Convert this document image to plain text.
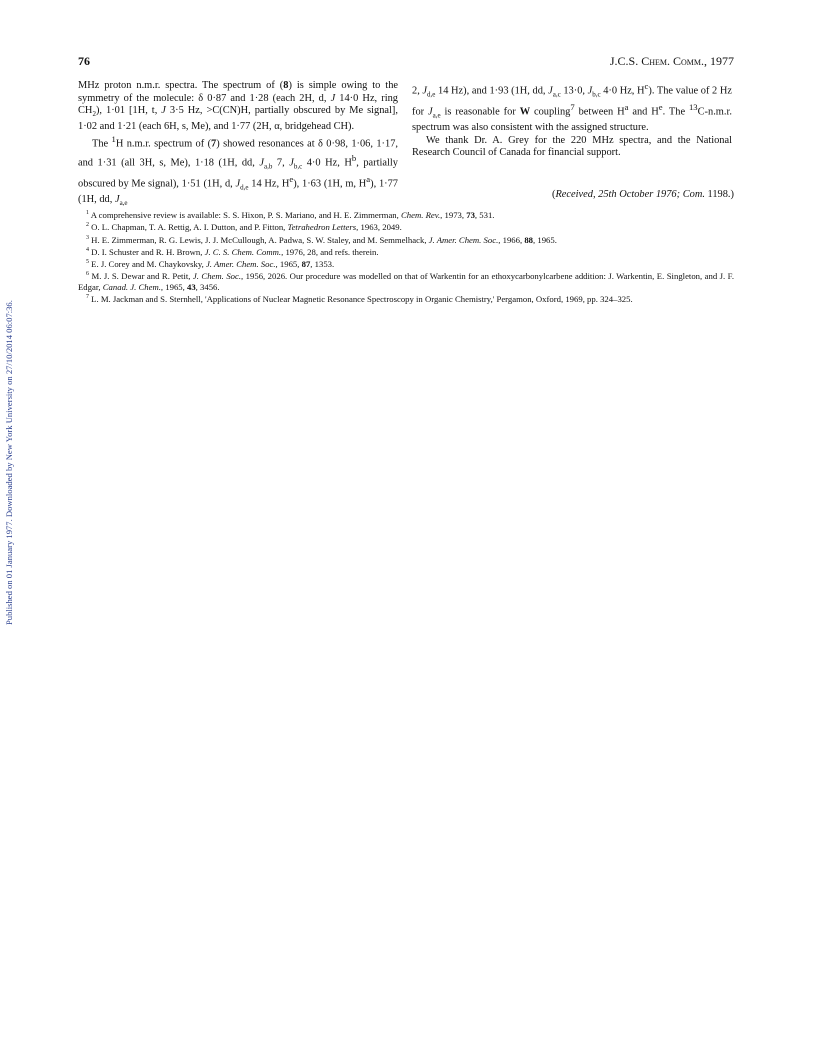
Published on 01 January 1977. Downloaded by New York University on 27/10/2014 06:07:36.
76	J.C.S. Chem. Comm., 1977

MHz proton n.m.r. spectra. The spectrum of (8) is simple owing to the symmetry of the molecule: δ 0·87 and 1·28 (each 2H, d, J 14·0 Hz, ring $CH_2$), 1·01 [1H, t, J 3·5 Hz, >C(CN)H, partially obscured by Me signal], 1·02 and 1·21 (each 6H, s, Me), and 1·77 (2H, α, bridgehead CH).

The $^1$H n.m.r. spectrum of (7) showed resonances at δ 0·98, 1·06, 1·17, and 1·31 (all 3H, s, Me), 1·18 (1H, dd, $J_{a,b}$ 7, $J_{b,c}$ 4·0 Hz, $H^b$, partially obscured by Me signal), 1·51 (1H, d, $J_{d,e}$ 14 Hz, $H^e$), 1·63 (1H, m, $H^a$), 1·77 (1H, dd, $J_{a,e}$

2, $J_{d,e}$ 14 Hz), and 1·93 (1H, dd, $J_{a,c}$ 13·0, $J_{b,c}$ 4·0 Hz, $H^c$). The value of 2 Hz for $J_{a,e}$ is reasonable for W coupling$^7$ between $H^a$ and $H^e$. The $^{13}$C-n.m.r. spectrum was also consistent with the assigned structure.

We thank Dr. A. Grey for the 220 MHz spectra, and the National Research Council of Canada for financial support.

(Received, 25th October 1976; Com. 1198.)

$^1$ A comprehensive review is available: S. S. Hixon, P. S. Mariano, and H. E. Zimmerman, Chem. Rev., 1973, 73, 531.

$^2$ O. L. Chapman, T. A. Rettig, A. I. Dutton, and P. Fitton, Tetrahedron Letters, 1963, 2049.

$^3$ H. E. Zimmerman, R. G. Lewis, J. J. McCullough, A. Padwa, S. W. Staley, and M. Semmelhack, J. Amer. Chem. Soc., 1966, 88, 1965.

$^4$ D. I. Schuster and R. H. Brown, J. C. S. Chem. Comm., 1976, 28, and refs. therein.

$^5$ E. J. Corey and M. Chaykovsky, J. Amer. Chem. Soc., 1965, 87, 1353.

$^6$ M. J. S. Dewar and R. Petit, J. Chem. Soc., 1956, 2026. Our procedure was modelled on that of Warkentin for an ethoxycarbonylcarbene addition: J. Warkentin, E. Singleton, and J. F. Edgar, Canad. J. Chem., 1965, 43, 3456.

$^7$ L. M. Jackman and S. Sternhell, 'Applications of Nuclear Magnetic Resonance Spectroscopy in Organic Chemistry,' Pergamon, Oxford, 1969, pp. 324–325.
